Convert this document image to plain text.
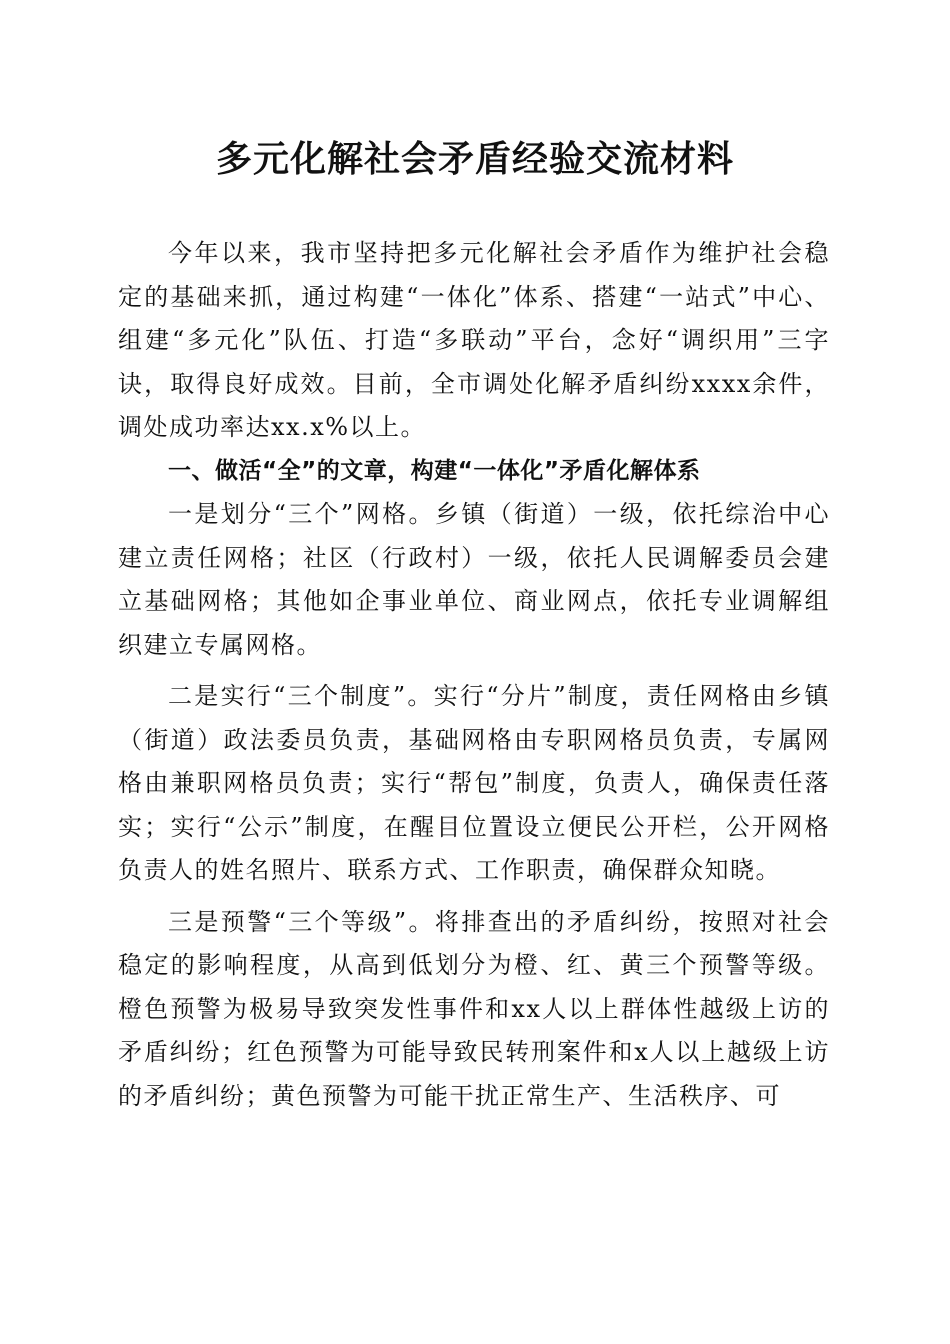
多元化解社会矛盾经验交流材料

今年以来，我市坚持把多元化解社会矛盾作为维护社会稳定的基础来抓，通过构建“一体化”体系、搭建“一站式”中心、组建“多元化”队伍、打造“多联动”平台，念好“调织用”三字诀，取得良好成效。目前，全市调处化解矛盾纠纷xxxx余件，调处成功率达xx.x%以上。

一、做活“全”的文章，构建“一体化”矛盾化解体系

一是划分“三个”网格。乡镇（街道）一级，依托综治中心建立责任网格；社区（行政村）一级，依托人民调解委员会建立基础网格；其他如企事业单位、商业网点，依托专业调解组织建立专属网格。

二是实行“三个制度”。实行“分片”制度，责任网格由乡镇（街道）政法委员负责，基础网格由专职网格员负责，专属网格由兼职网格员负责；实行“帮包”制度，负责人，确保责任落实；实行“公示”制度，在醒目位置设立便民公开栏，公开网格负责人的姓名照片、联系方式、工作职责，确保群众知晓。

三是预警“三个等级”。将排查出的矛盾纠纷，按照对社会稳定的影响程度，从高到低划分为橙、红、黄三个预警等级。橙色预警为极易导致突发性事件和xx人以上群体性越级上访的矛盾纠纷；红色预警为可能导致民转刑案件和x人以上越级上访的矛盾纠纷；黄色预警为可能干扰正常生产、生活秩序、可
